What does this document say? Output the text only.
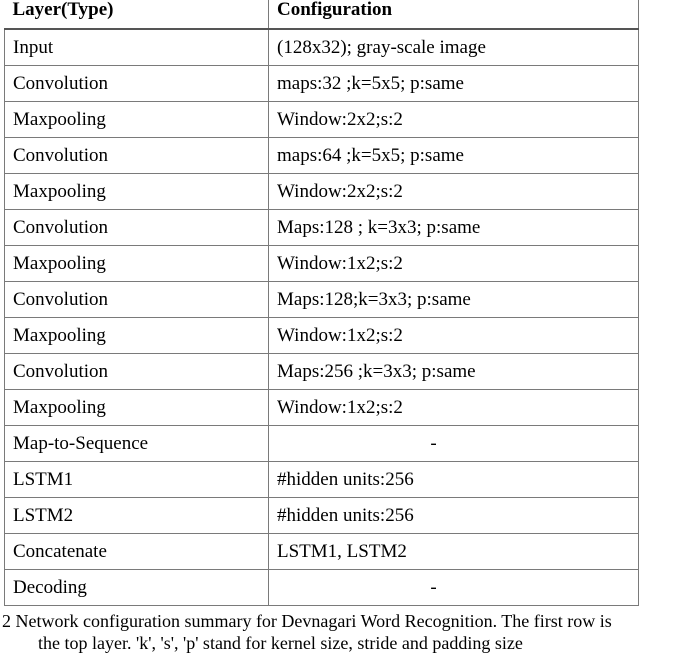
Layer(Type)	Configuration
Input	(128x32); gray-scale image
Convolution	maps:32 ;k=5x5; p:same
Maxpooling	Window:2x2;s:2
Convolution	maps:64 ;k=5x5; p:same
Maxpooling	Window:2x2;s:2
Convolution	Maps:128 ; k=3x3; p:same
Maxpooling	Window:1x2;s:2
Convolution	Maps:128;k=3x3; p:same
Maxpooling	Window:1x2;s:2
Convolution	Maps:256 ;k=3x3; p:same
Maxpooling	Window:1x2;s:2
Map-to-Sequence	-
LSTM1	#hidden units:256
LSTM2	#hidden units:256
Concatenate	LSTM1, LSTM2
Decoding	-
2 Network configuration summary for Devnagari Word Recognition. The first row is
the top layer. 'k', 's', 'p' stand for kernel size, stride and padding size
